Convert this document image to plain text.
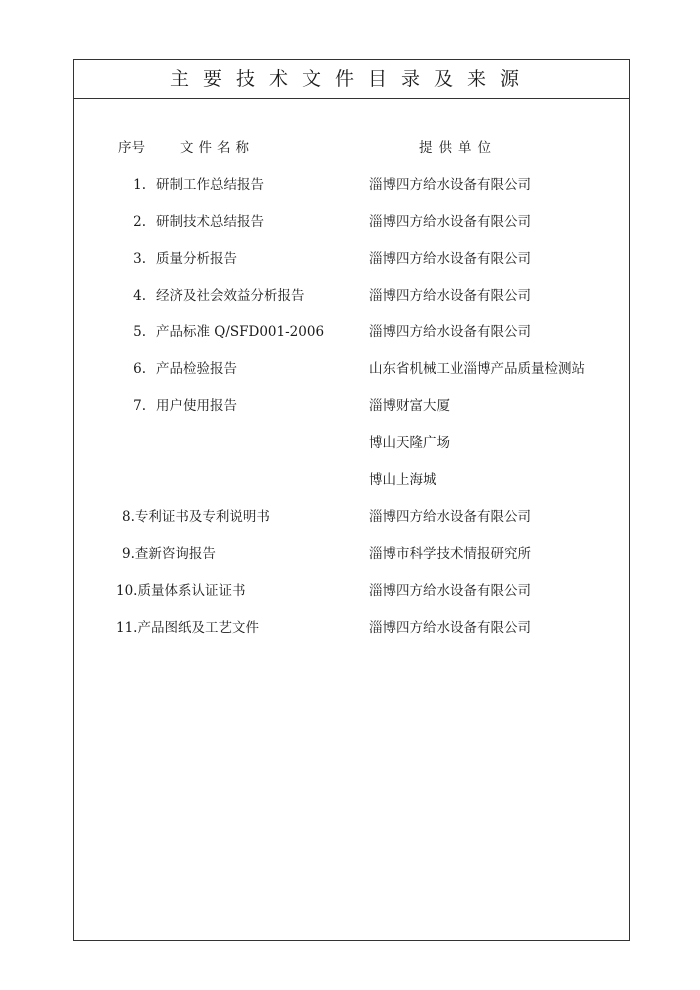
主要技术文件目录及来源
序号	文件名称	提供单位
1. 研制工作总结报告	淄博四方给水设备有限公司
2. 研制技术总结报告	淄博四方给水设备有限公司
3. 质量分析报告	淄博四方给水设备有限公司
4. 经济及社会效益分析报告	淄博四方给水设备有限公司
5. 产品标准 Q/SFD001-2006	淄博四方给水设备有限公司
6. 产品检验报告	山东省机械工业淄博产品质量检测站
7. 用户使用报告	淄博财富大厦
博山天隆广场
博山上海城
8.专利证书及专利说明书	淄博四方给水设备有限公司
9.查新咨询报告	淄博市科学技术情报研究所
10.质量体系认证证书	淄博四方给水设备有限公司
11.产品图纸及工艺文件	淄博四方给水设备有限公司
